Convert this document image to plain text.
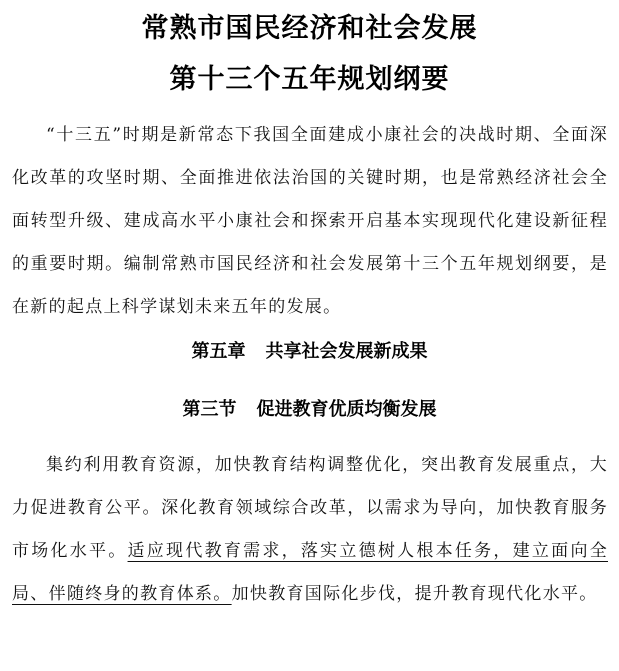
常熟市国民经济和社会发展
第十三个五年规划纲要

“十三五”时期是新常态下我国全面建成小康社会的决战时期、全面深化改革的攻坚时期、全面推进依法治国的关键时期，也是常熟经济社会全面转型升级、建成高水平小康社会和探索开启基本实现现代化建设新征程的重要时期。编制常熟市国民经济和社会发展第十三个五年规划纲要，是在新的起点上科学谋划未来五年的发展。

第五章 共享社会发展新成果
第三节 促进教育优质均衡发展

集约利用教育资源，加快教育结构调整优化，突出教育发展重点，大力促进教育公平。深化教育领域综合改革，以需求为导向，加快教育服务市场化水平。适应现代教育需求，落实立德树人根本任务，建立面向全局、伴随终身的教育体系。加快教育国际化步伐，提升教育现代化水平。
